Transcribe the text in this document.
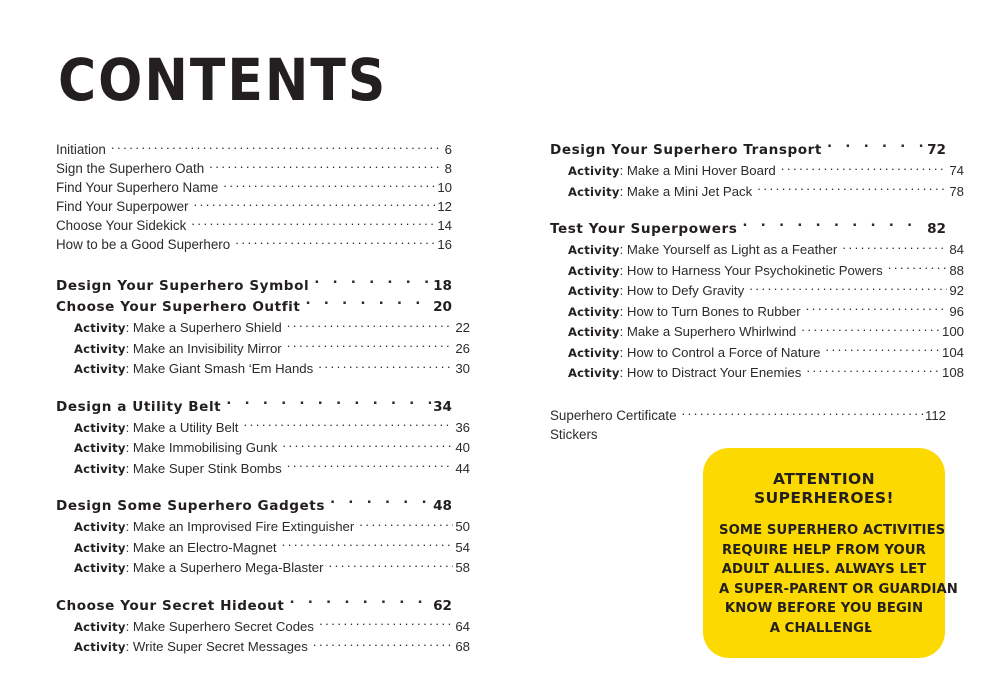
CONTENTS
Initiation . . .	6
Sign the Superhero Oath . . .	8
Find Your Superhero Name . . .	10
Find Your Superpower . . .	12
Choose Your Sidekick . . .	14
How to be a Good Superhero . . .	16
Design Your Superhero Symbol . . .	18
Choose Your Superhero Outfit . . .	20
Activity: Make a Superhero Shield . . .	22
Activity: Make an Invisibility Mirror . . .	26
Activity: Make Giant Smash ‘Em Hands . . .	30
Design a Utility Belt . . .	34
Activity: Make a Utility Belt . . .	36
Activity: Make Immobilising Gunk . . .	40
Activity: Make Super Stink Bombs . . .	44
Design Some Superhero Gadgets . . .	48
Activity: Make an Improvised Fire Extinguisher . . .	50
Activity: Make an Electro-Magnet . . .	54
Activity: Make a Superhero Mega-Blaster . . .	58
Choose Your Secret Hideout . . .	62
Activity: Make Superhero Secret Codes . . .	64
Activity: Write Super Secret Messages . . .	68
Design Your Superhero Transport . . .	72
Activity: Make a Mini Hover Board . . .	74
Activity: Make a Mini Jet Pack . . .	78
Test Your Superpowers . . .	82
Activity: Make Yourself as Light as a Feather . . .	84
Activity: How to Harness Your Psychokinetic Powers . . .	88
Activity: How to Defy Gravity . . .	92
Activity: How to Turn Bones to Rubber . . .	96
Activity: Make a Superhero Whirlwind . . .	100
Activity: How to Control a Force of Nature . . .	104
Activity: How to Distract Your Enemies . . .	108
Superhero Certificate . . .	112
Stickers
ATTENTION
SUPERHEROES!
SOME SUPERHERO ACTIVITIES
REQUIRE HELP FROM YOUR
ADULT ALLIES. ALWAYS LET
A SUPER-PARENT OR GUARDIAN
KNOW BEFORE YOU BEGIN
A CHALLENGE.
